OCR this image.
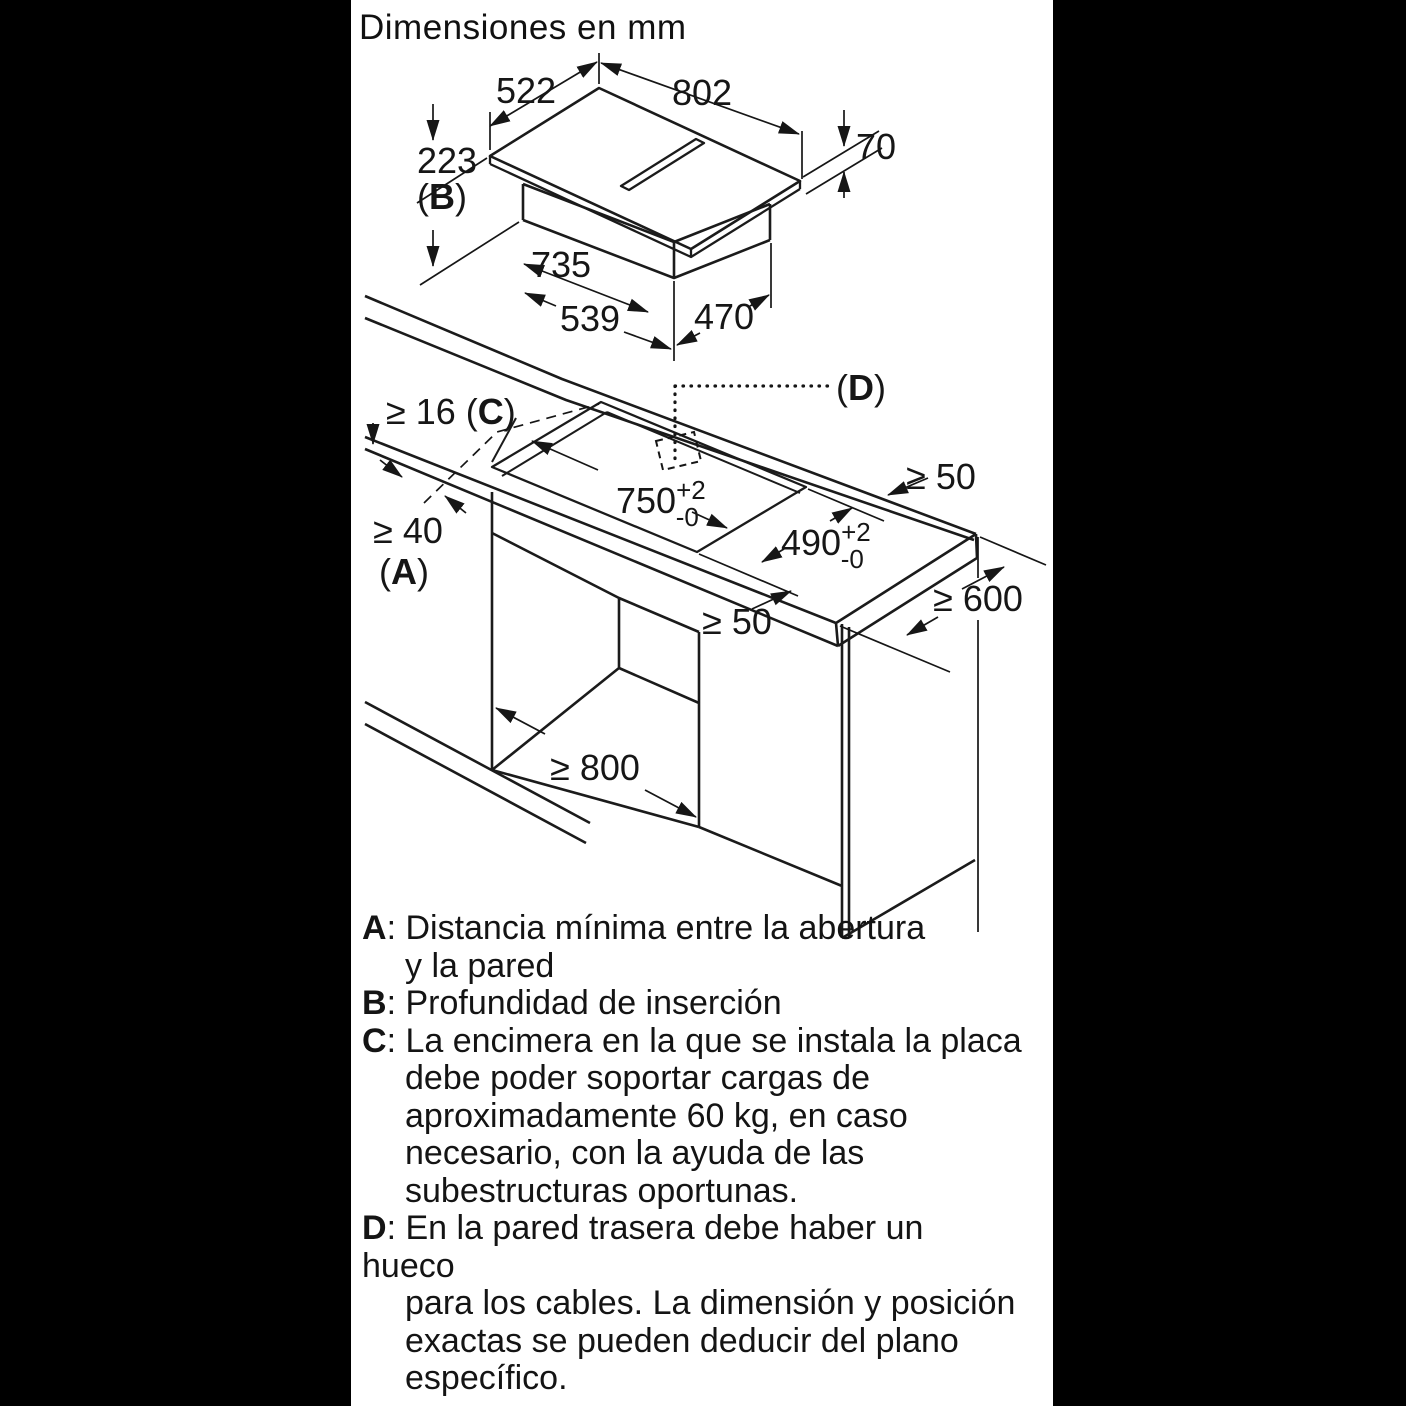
Dimensiones en mm
522	802
70
223
(B)
735
539 470
≥ 16 (C)
(D)
≥ 50
$750^{+2}$ -0
$490^{+2}$ -0
≥ 40
(A)
≥ 50
≥ 600
≥ 800
A: Distancia mínima entre la abertura
y la pared
B: Profundidad de inserción
C: La encimera en la que se instala la placa
debe poder soportar cargas de
aproximadamente 60 kg, en caso
necesario, con la ayuda de las
subestructuras oportunas.
D: En la pared trasera debe haber un hueco
para los cables. La dimensión y posición
exactas se pueden deducir del plano
específico.
